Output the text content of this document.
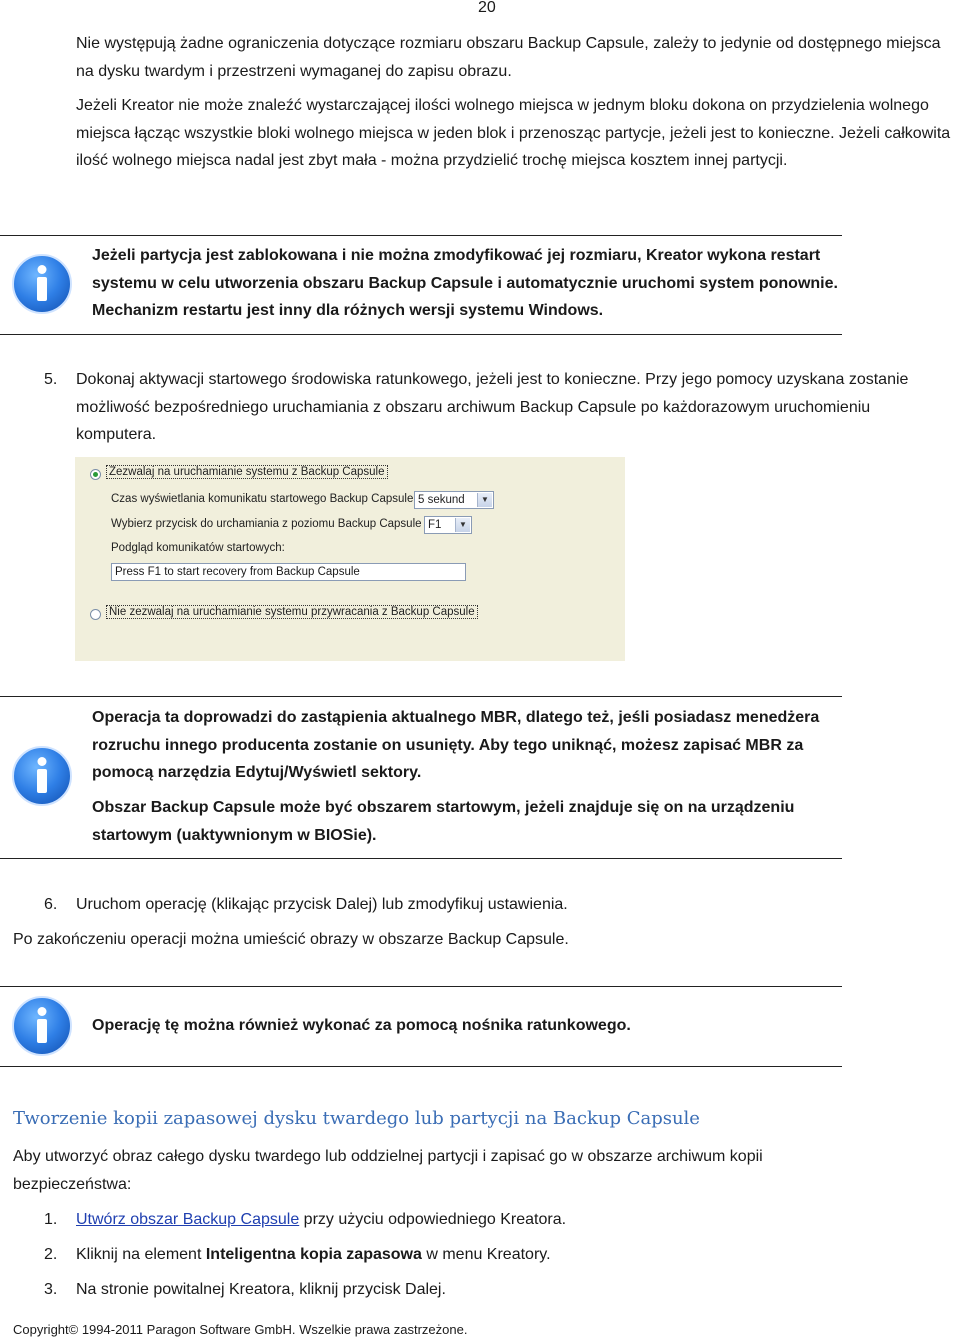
20

Nie występują żadne ograniczenia dotyczące rozmiaru obszaru Backup Capsule, zależy to jedynie od dostępnego miejsca na dysku twardym i przestrzeni wymaganej do zapisu obrazu.

Jeżeli Kreator nie może znaleźć wystarczającej ilości wolnego miejsca w jednym bloku dokona on przydzielenia wolnego miejsca łącząc wszystkie bloki wolnego miejsca w jeden blok i przenosząc partycje, jeżeli jest to konieczne. Jeżeli całkowita ilość wolnego miejsca nadal jest zbyt mała - można przydzielić trochę miejsca kosztem innej partycji.

Jeżeli partycja jest zablokowana i nie można zmodyfikować jej rozmiaru, Kreator wykona restart systemu w celu utworzenia obszaru Backup Capsule i automatycznie uruchomi system ponownie. Mechanizm restartu jest inny dla różnych wersji systemu Windows.

5. Dokonaj aktywacji startowego środowiska ratunkowego, jeżeli jest to konieczne. Przy jego pomocy uzyskana zostanie możliwość bezpośredniego uruchamiania z obszaru archiwum Backup Capsule po każdorazowym uruchomieniu komputera.

Zezwalaj na uruchamianie systemu z Backup Capsule
Czas wyświetlania komunikatu startowego Backup Capsule 5 sekund	▼
Wybierz przycisk do urchamiania z poziomu Backup Capsule F1	▼
Podgląd komunikatów startowych:
Nie zezwalaj na uruchamianie systemu przywracania z Backup Capsule
Press F1 to start recovery from Backup Capsule

Operacja ta doprowadzi do zastąpienia aktualnego MBR, dlatego też, jeśli posiadasz menedżera rozruchu innego producenta zostanie on usunięty. Aby tego uniknąć, możesz zapisać MBR za pomocą narzędzia Edytuj/Wyświetl sektory.

Obszar Backup Capsule może być obszarem startowym, jeżeli znajduje się on na urządzeniu startowym (uaktywnionym w BIOSie).

6. Uruchom operację (klikając przycisk Dalej) lub zmodyfikuj ustawienia.

Po zakończeniu operacji można umieścić obrazy w obszarze Backup Capsule.

Operację tę można również wykonać za pomocą nośnika ratunkowego.

Tworzenie kopii zapasowej dysku twardego lub partycji na Backup Capsule

Aby utworzyć obraz całego dysku twardego lub oddzielnej partycji i zapisać go w obszarze archiwum kopii bezpieczeństwa:

1. Utwórz obszar Backup Capsule przy użyciu odpowiedniego Kreatora.

2. Kliknij na element Inteligentna kopia zapasowa w menu Kreatory.

3. Na stronie powitalnej Kreatora, kliknij przycisk Dalej.

Copyright© 1994-2011 Paragon Software GmbH. Wszelkie prawa zastrzeżone.
